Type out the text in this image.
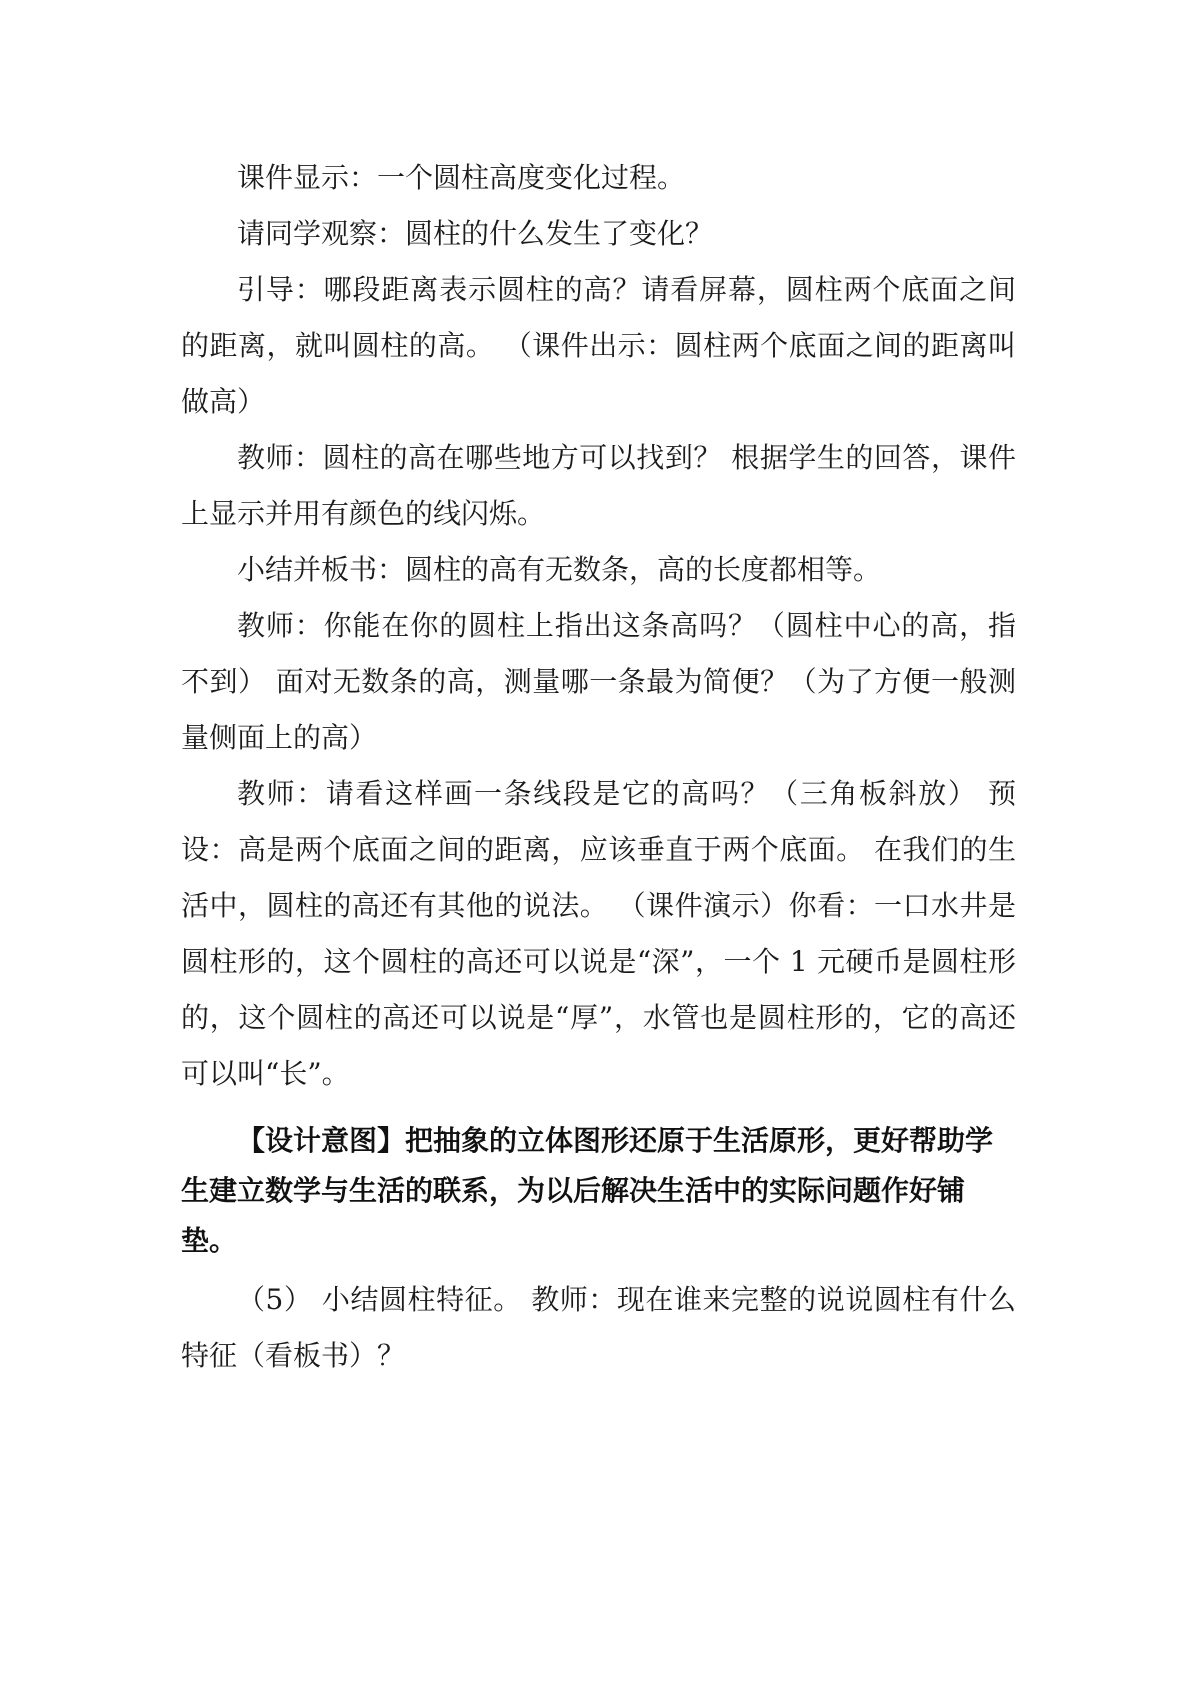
课件显示：一个圆柱高度变化过程。

请同学观察：圆柱的什么发生了变化？

引导：哪段距离表示圆柱的高？请看屏幕，圆柱两个底面之间的距离，就叫圆柱的高。 （课件出示：圆柱两个底面之间的距离叫做高）

教师：圆柱的高在哪些地方可以找到？ 根据学生的回答，课件上显示并用有颜色的线闪烁。

小结并板书：圆柱的高有无数条，高的长度都相等。

教师：你能在你的圆柱上指出这条高吗？（圆柱中心的高，指不到） 面对无数条的高，测量哪一条最为简便？（为了方便一般测量侧面上的高）

教师：请看这样画一条线段是它的高吗？（三角板斜放） 预设：高是两个底面之间的距离，应该垂直于两个底面。 在我们的生活中，圆柱的高还有其他的说法。 （课件演示）你看：一口水井是圆柱形的，这个圆柱的高还可以说是“深”，一个 1 元硬币是圆柱形的，这个圆柱的高还可以说是“厚”，水管也是圆柱形的，它的高还可以叫“长”。

【设计意图】把抽象的立体图形还原于生活原形，更好帮助学生建立数学与生活的联系，为以后解决生活中的实际问题作好铺垫。

（5） 小结圆柱特征。 教师：现在谁来完整的说说圆柱有什么特征（看板书）？
